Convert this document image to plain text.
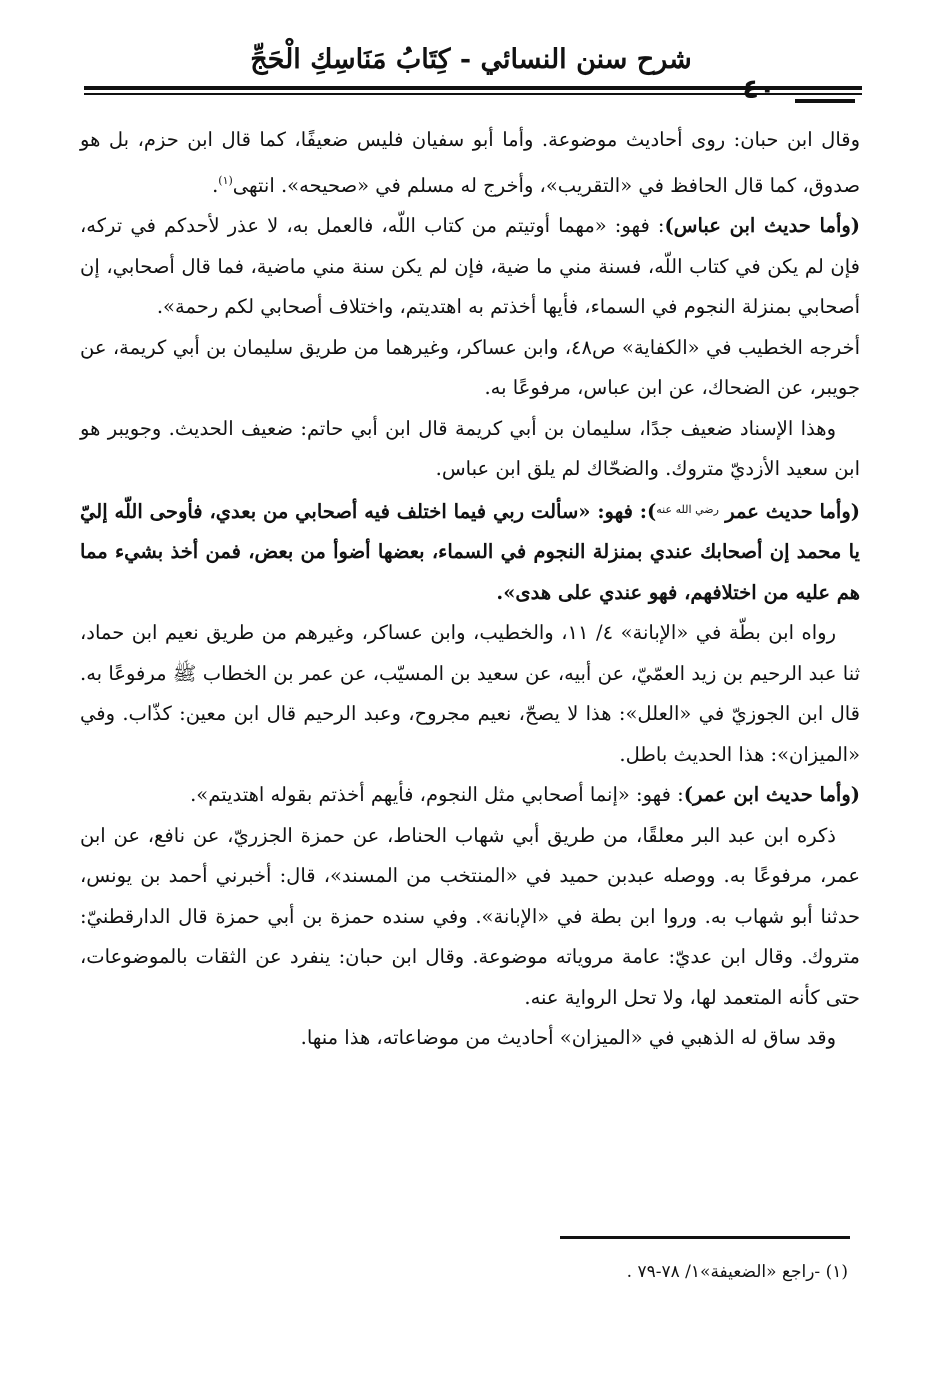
شرح سنن النسائي - كِتَابُ مَنَاسِكِ الْحَجِّ
٤٠

وقال ابن حبان: روى أحاديث موضوعة. وأما أبو سفيان فليس ضعيفًا، كما قال ابن حزم، بل هو صدوق، كما قال الحافظ في «التقريب»، وأخرج له مسلم في «صحيحه». انتهى$^{(١)}$.

(وأما حديث ابن عباس): فهو: «مهما أوتيتم من كتاب اللّه، فالعمل به، لا عذر لأحدكم في تركه، فإن لم يكن في كتاب اللّه، فسنة مني ما ضية، فإن لم يكن سنة مني ماضية، فما قال أصحابي، إن أصحابي بمنزلة النجوم في السماء، فأيها أخذتم به اهتديتم، واختلاف أصحابي لكم رحمة».

أخرجه الخطيب في «الكفاية» ص٤٨، وابن عساكر، وغيرهما من طريق سليمان بن أبي كريمة، عن جويبر، عن الضحاك، عن ابن عباس، مرفوعًا به.

وهذا الإسناد ضعيف جدًا، سليمان بن أبي كريمة قال ابن أبي حاتم: ضعيف الحديث. وجويبر هو ابن سعيد الأزديّ متروك. والضحّاك لم يلق ابن عباس.

(وأما حديث عمر $^{رضي الله عنه}$): فهو: «سألت ربي فيما اختلف فيه أصحابي من بعدي، فأوحى اللّه إليّ يا محمد إن أصحابك عندي بمنزلة النجوم في السماء، بعضها أضوأ من بعض، فمن أخذ بشيء مما هم عليه من اختلافهم، فهو عندي على هدى».

رواه ابن بطّة في «الإبانة» ٤/ ١١، والخطيب، وابن عساكر، وغيرهم من طريق نعيم ابن حماد، ثنا عبد الرحيم بن زيد العمّيّ، عن أبيه، عن سعيد بن المسيّب، عن عمر بن الخطاب ﷺ مرفوعًا به. قال ابن الجوزيّ في «العلل»: هذا لا يصحّ، نعيم مجروح، وعبد الرحيم قال ابن معين: كذّاب. وفي «الميزان»: هذا الحديث باطل.

(وأما حديث ابن عمر): فهو: «إنما أصحابي مثل النجوم، فأيهم أخذتم بقوله اهتديتم».

ذكره ابن عبد البر معلقًا، من طريق أبي شهاب الحناط، عن حمزة الجزريّ، عن نافع، عن ابن عمر، مرفوعًا به. ووصله عبدبن حميد في «المنتخب من المسند»، قال: أخبرني أحمد بن يونس، حدثنا أبو شهاب به. وروا ابن بطة في «الإبانة». وفي سنده حمزة بن أبي حمزة قال الدارقطنيّ: متروك. وقال ابن عديّ: عامة مروياته موضوعة. وقال ابن حبان: ينفرد عن الثقات بالموضوعات، حتى كأنه المتعمد لها، ولا تحل الرواية عنه.

وقد ساق له الذهبي في «الميزان» أحاديث من موضاعاته، هذا منها.

(١) -راجع «الضعيفة»١/ ٧٨-٧٩ .
